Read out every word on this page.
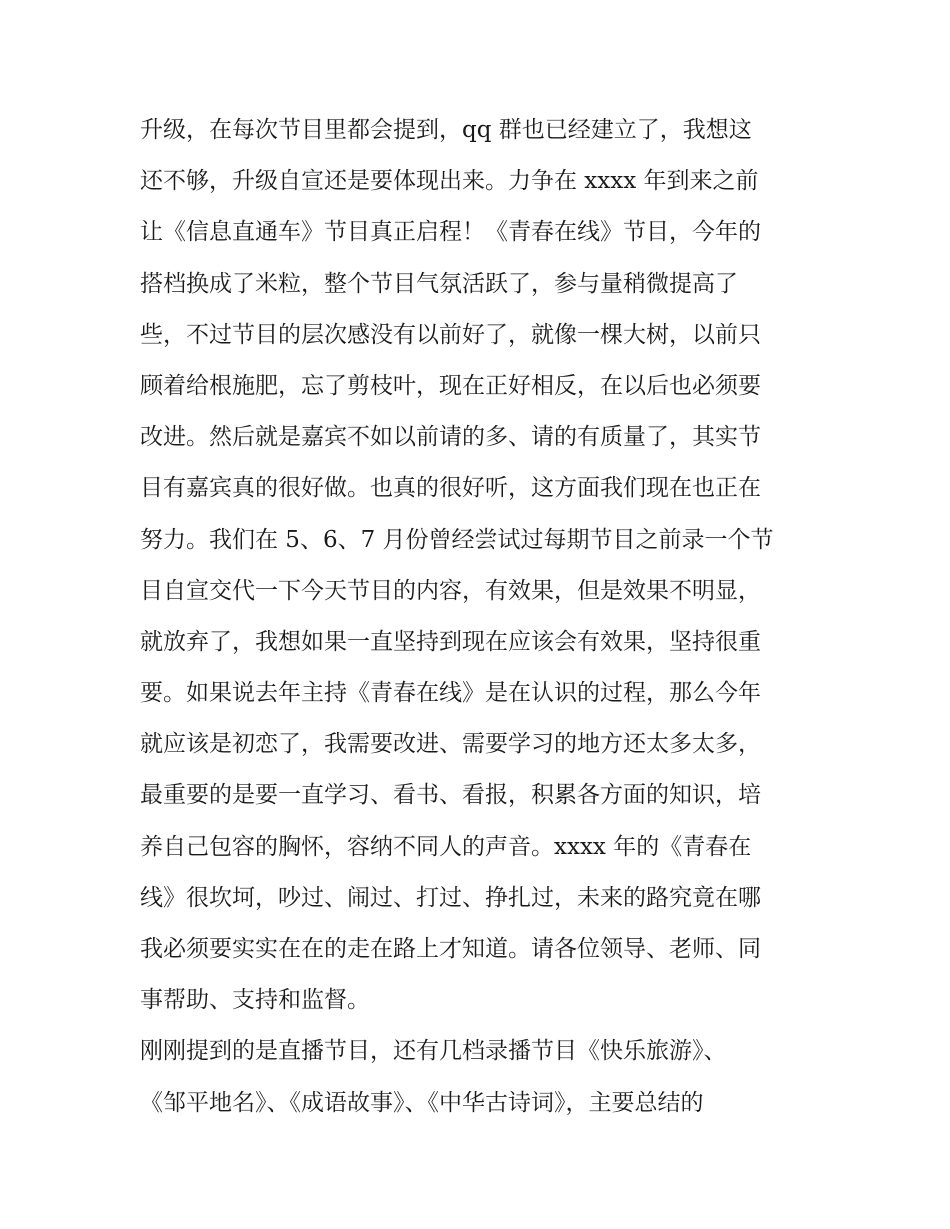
升级，在每次节目里都会提到，qq 群也已经建立了，我想这
还不够，升级自宣还是要体现出来。力争在 xxxx 年到来之前
让《信息直通车》节目真正启程！《青春在线》节目，今年的
搭档换成了米粒，整个节目气氛活跃了，参与量稍微提高了
些，不过节目的层次感没有以前好了，就像一棵大树，以前只
顾着给根施肥，忘了剪枝叶，现在正好相反，在以后也必须要
改进。然后就是嘉宾不如以前请的多、请的有质量了，其实节
目有嘉宾真的很好做。也真的很好听，这方面我们现在也正在
努力。我们在 5、6、7 月份曾经尝试过每期节目之前录一个节
目自宣交代一下今天节目的内容，有效果，但是效果不明显，
就放弃了，我想如果一直坚持到现在应该会有效果，坚持很重
要。如果说去年主持《青春在线》是在认识的过程，那么今年
就应该是初恋了，我需要改进、需要学习的地方还太多太多，
最重要的是要一直学习、看书、看报，积累各方面的知识，培
养自己包容的胸怀，容纳不同人的声音。xxxx 年的《青春在
线》很坎坷，吵过、闹过、打过、挣扎过，未来的路究竟在哪
我必须要实实在在的走在路上才知道。请各位领导、老师、同
事帮助、支持和监督。
刚刚提到的是直播节目，还有几档录播节目《快乐旅游》、
《邹平地名》、《成语故事》、《中华古诗词》，主要总结的
